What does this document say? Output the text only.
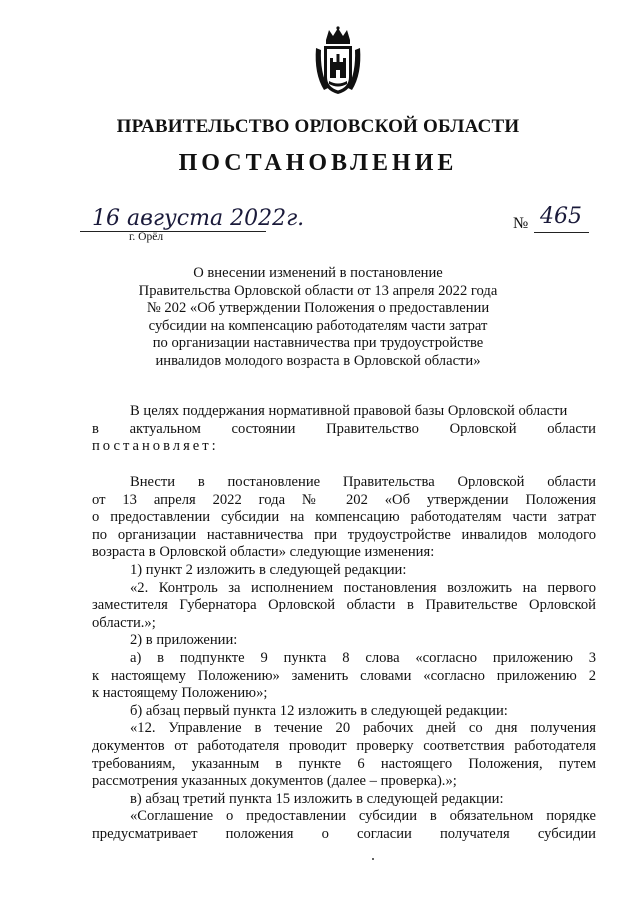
ПРАВИТЕЛЬСТВО ОРЛОВСКОЙ ОБЛАСТИ
ПОСТАНОВЛЕНИЕ
16 августа 2022г.
г. Орёл
№ 465
О внесении изменений в постановление
Правительства Орловской области от 13 апреля 2022 года
№ 202 «Об утверждении Положения о предоставлении
субсидии на компенсацию работодателям части затрат
по организации наставничества при трудоустройстве
инвалидов молодого возраста в Орловской области»
В целях поддержания нормативной правовой базы Орловской области
в актуальном состоянии Правительство Орловской области
постановляет:
Внести в постановление Правительства Орловской области
от 13 апреля 2022 года № 202 «Об утверждении Положения
о предоставлении субсидии на компенсацию работодателям части затрат
по организации наставничества при трудоустройстве инвалидов молодого
возраста в Орловской области» следующие изменения:
1) пункт 2 изложить в следующей редакции:
«2. Контроль за исполнением постановления возложить на первого
заместителя Губернатора Орловской области в Правительстве Орловской
области.»;
2) в приложении:
а) в подпункте 9 пункта 8 слова «согласно приложению 3
к настоящему Положению» заменить словами «согласно приложению 2
к настоящему Положению»;
б) абзац первый пункта 12 изложить в следующей редакции:
«12. Управление в течение 20 рабочих дней со дня получения
документов от работодателя проводит проверку соответствия работодателя
требованиям, указанным в пункте 6 настоящего Положения, путем
рассмотрения указанных документов (далее – проверка).»;
в) абзац третий пункта 15 изложить в следующей редакции:
«Соглашение о предоставлении субсидии в обязательном порядке
предусматривает положения о согласии получателя субсидии
